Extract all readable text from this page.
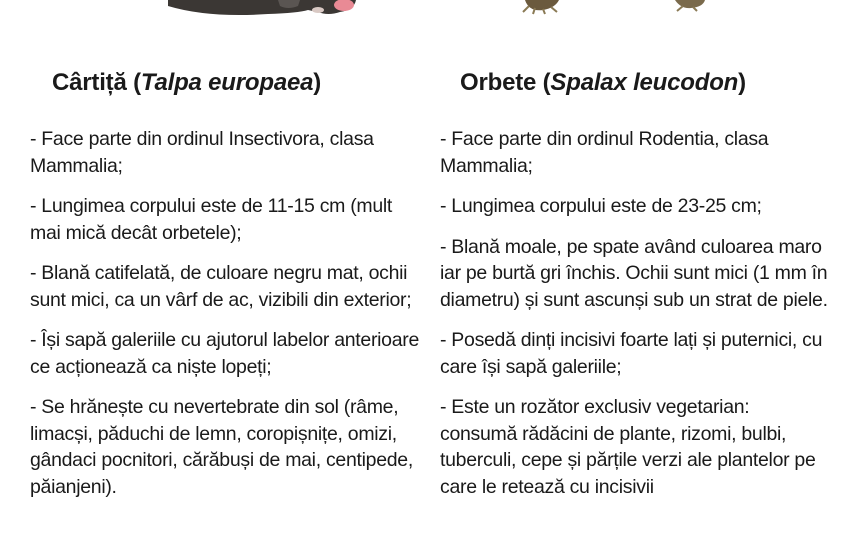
Cârtiță (Talpa europaea)
- Face parte din ordinul Insectivora, clasa Mammalia;
- Lungimea corpului este de 11-15 cm (mult mai mică decât orbetele);
- Blană catifelată, de culoare negru mat, ochii sunt mici, ca un vârf de ac, vizibili din exterior;
- Își sapă galeriile cu ajutorul labelor anterioare ce acționează ca niște lopeți;
- Se hrănește cu nevertebrate din sol (râme, limacși, păduchi de lemn, coropișnițe, omizi, gândaci pocnitori, cărăbuși de mai, centipede, păianjeni).
Orbete (Spalax leucodon)
- Face parte din ordinul Rodentia, clasa Mammalia;
- Lungimea corpului este de 23-25 cm;
- Blană moale, pe spate având culoarea maro iar pe burtă gri închis. Ochii sunt mici (1 mm în diametru) și sunt ascunși sub un strat de piele.
- Posedă dinți incisivi foarte lați și puternici, cu care își sapă galeriile;
- Este un rozător exclusiv vegetarian: consumă rădăcini de plante, rizomi, bulbi, tuberculi, cepe și părțile verzi ale plantelor pe care le retează cu incisivii
